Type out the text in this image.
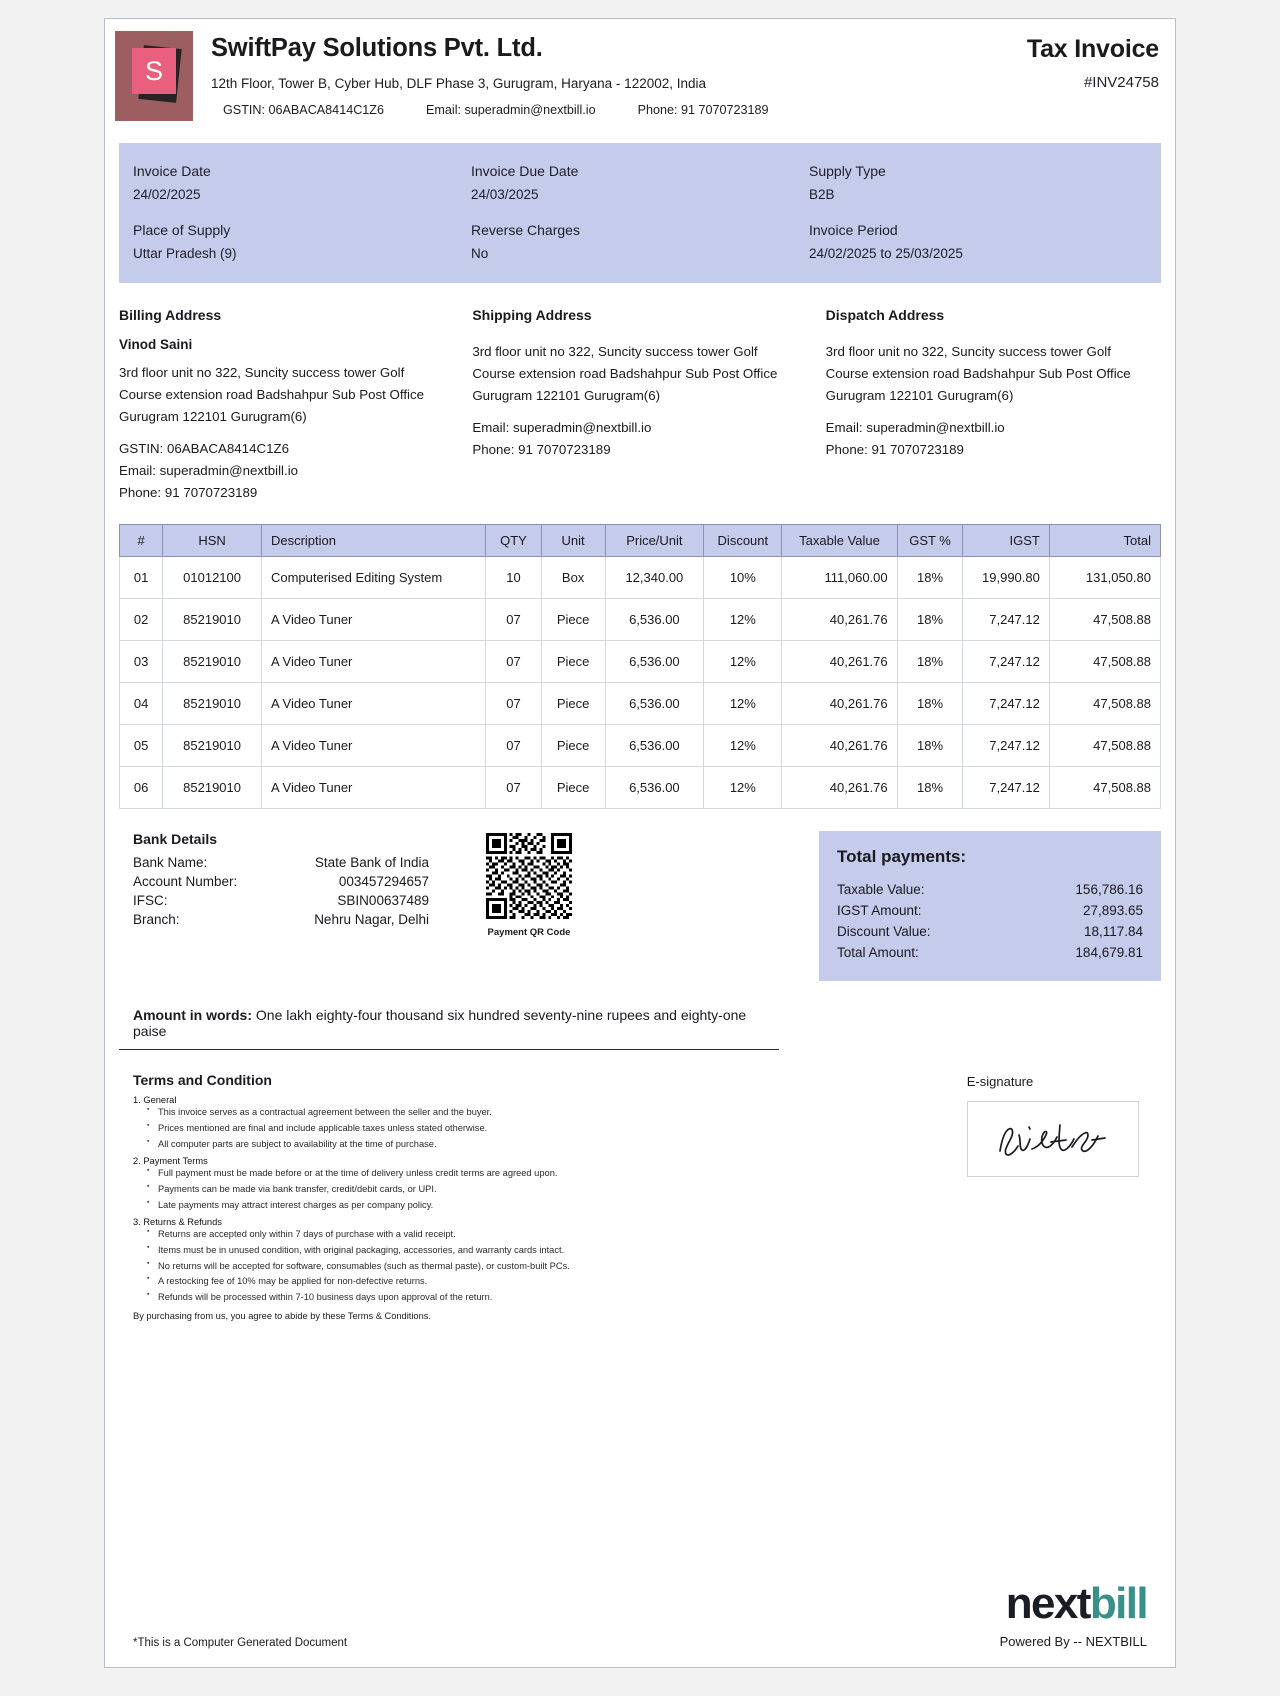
S
SwiftPay Solutions Pvt. Ltd.
12th Floor, Tower B, Cyber Hub, DLF Phase 3, Gurugram, Haryana - 122002, India
GSTIN: 06ABACA8414C1Z6	Email: superadmin@nextbill.io	Phone: 91 7070723189
Tax Invoice
#INV24758
Invoice Date
24/02/2025
Invoice Due Date
24/03/2025
Supply Type
B2B
Place of Supply
Uttar Pradesh (9)
Reverse Charges
No
Invoice Period
24/02/2025 to 25/03/2025
Billing Address
Vinod Saini
3rd floor unit no 322, Suncity success tower Golf
Course extension road Badshahpur Sub Post Office
Gurugram 122101 Gurugram(6)
GSTIN: 06ABACA8414C1Z6
Email: superadmin@nextbill.io
Phone: 91 7070723189
Shipping Address
3rd floor unit no 322, Suncity success tower Golf
Course extension road Badshahpur Sub Post Office
Gurugram 122101 Gurugram(6)
Email: superadmin@nextbill.io
Phone: 91 7070723189
Dispatch Address
3rd floor unit no 322, Suncity success tower Golf
Course extension road Badshahpur Sub Post Office
Gurugram 122101 Gurugram(6)
Email: superadmin@nextbill.io
Phone: 91 7070723189
#	HSN	Description	QTY	Unit	Price/Unit	Discount	Taxable Value	GST %	IGST	Total
01	01012100	Computerised Editing System	10	Box	12,340.00	10%	111,060.00	18%	19,990.80	131,050.80
02	85219010	A Video Tuner	07	Piece	6,536.00	12%	40,261.76	18%	7,247.12	47,508.88
03	85219010	A Video Tuner	07	Piece	6,536.00	12%	40,261.76	18%	7,247.12	47,508.88
04	85219010	A Video Tuner	07	Piece	6,536.00	12%	40,261.76	18%	7,247.12	47,508.88
05	85219010	A Video Tuner	07	Piece	6,536.00	12%	40,261.76	18%	7,247.12	47,508.88
06	85219010	A Video Tuner	07	Piece	6,536.00	12%	40,261.76	18%	7,247.12	47,508.88
Bank Details
Bank Name:	State Bank of India
Account Number:	003457294657
IFSC:	SBIN00637489
Branch:	Nehru Nagar, Delhi
Payment QR Code
Total payments:
Taxable Value:	156,786.16
IGST Amount:	27,893.65
Discount Value:	18,117.84
Total Amount:	184,679.81
Amount in words: One lakh eighty-four thousand six hundred seventy-nine rupees and eighty-one paise
Terms and Condition
1. General
▪ This invoice serves as a contractual agreement between the seller and the buyer.
▪ Prices mentioned are final and include applicable taxes unless stated otherwise.
▪ All computer parts are subject to availability at the time of purchase.
2. Payment Terms
▪ Full payment must be made before or at the time of delivery unless credit terms are agreed upon.
▪ Payments can be made via bank transfer, credit/debit cards, or UPI.
▪ Late payments may attract interest charges as per company policy.
3. Returns & Refunds
▪ Returns are accepted only within 7 days of purchase with a valid receipt.
▪ Items must be in unused condition, with original packaging, accessories, and warranty cards intact.
▪ No returns will be accepted for software, consumables (such as thermal paste), or custom-built PCs.
▪ A restocking fee of 10% may be applied for non-defective returns.
▪ Refunds will be processed within 7-10 business days upon approval of the return.
By purchasing from us, you agree to abide by these Terms & Conditions.
E-signature
nextbill
*This is a Computer Generated Document	Powered By -- NEXTBILL
